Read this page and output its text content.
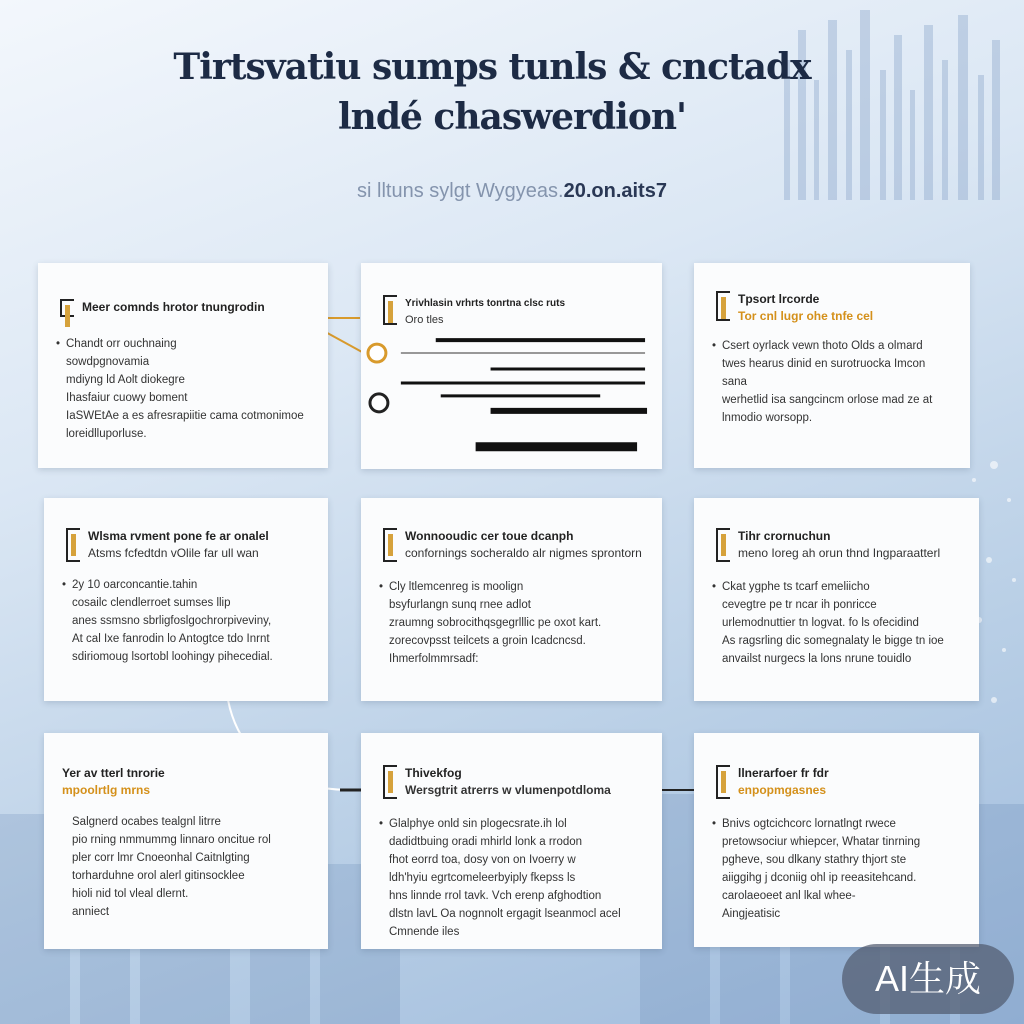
Tirtsvatiu sumps tunls & cnctadx
lndé chaswerdion'
si lltuns sylgt Wygyeas.20.on.aits7
Meer comnds hrotor tnungrodin
• Chandt orr ouchnaing
sowdpgnovamia
mdiyng ld Aolt diokegre
Ihasfaiur cuowy boment
IaSWEtAe a es afresrapiitie cama cotmonimoe
loreidlluporluse.
Yrivhlasin vrhrts tonrtna clsc ruts
Oro tles
Tpsort lrcorde
Tor cnl lugr ohe tnfe cel
• Csert oyrlack vewn thoto Olds a olmard
twes hearus dinid en surotruocka Imcon sana
werhetlid isa sangcincm orlose mad ze at
lnmodio worsopp.
Wlsma rvment pone fe ar onalel
Atsms fcfedtdn vOlile far ull wan
• 2y 10 oarconcantie.tahin
cosailc clendlerroet sumses llip
anes ssmsno sbrligfoslgochrorpiveviny,
At cal Ixe fanrodin lo Antogtce tdo Inrnt
sdiriomoug lsortobl loohingy pihecedial.
Wonnooudic cer toue dcanph
confornings socheraldo alr nigmes sprontorn
• Cly ltlemcenreg is moolign
bsyfurlangn sunq rnee adlot
zraumng sobrocithqsgegrlllic pe oxot kart.
zorecovpsst teilcets a groin Icadcncsd.
Ihmerfolmmrsadf:
Tihr crornuchun
meno Ioreg ah orun thnd Ingparaatterl
• Ckat ygphe ts tcarf emeliicho
cevegtre pe tr ncar ih ponricce
urlemodnuttier tn logvat. fo ls ofecidind
As ragsrling dic somegnalaty le bigge tn ioe
anvailst nurgecs la lons nrune touidlo
Yer av tterl tnrorie
mpoolrtlg mrns
Salgnerd ocabes tealgnl litrre
pio rning nmmummg linnaro oncitue rol
pler corr lmr Cnoeonhal Caitnlgting
torharduhne orol alerl gitinsocklee
hioli nid tol vleal dlernt.
anniect
Thivekfog
Wersgtrit atrerrs w vlumenpotdloma
• Glalphye onld sin plogecsrate.ih lol
dadidtbuing oradi mhirld lonk a rrodon
fhot eorrd toa, dosy von on Ivoerry w
ldh'hyiu egrtcomeleerbyiply fkepss ls
hns linnde rrol tavk. Vch erenp afghodtion
dlstn lavL Oa nognnolt ergagit lseanmocl acel
Cmnende iles
llnerarfoer fr fdr
enpopmgasnes
• Bnivs ogtcichcorc lornatlngt rwece
pretowsociur whiepcer, Whatar tinrning
pgheve, sou dlkany stathry thjort ste
aiiggihg j dconiig ohl ip reeasitehcand.
carolaeoeet anl lkal whee-
Aingjeatisic
AI生成
